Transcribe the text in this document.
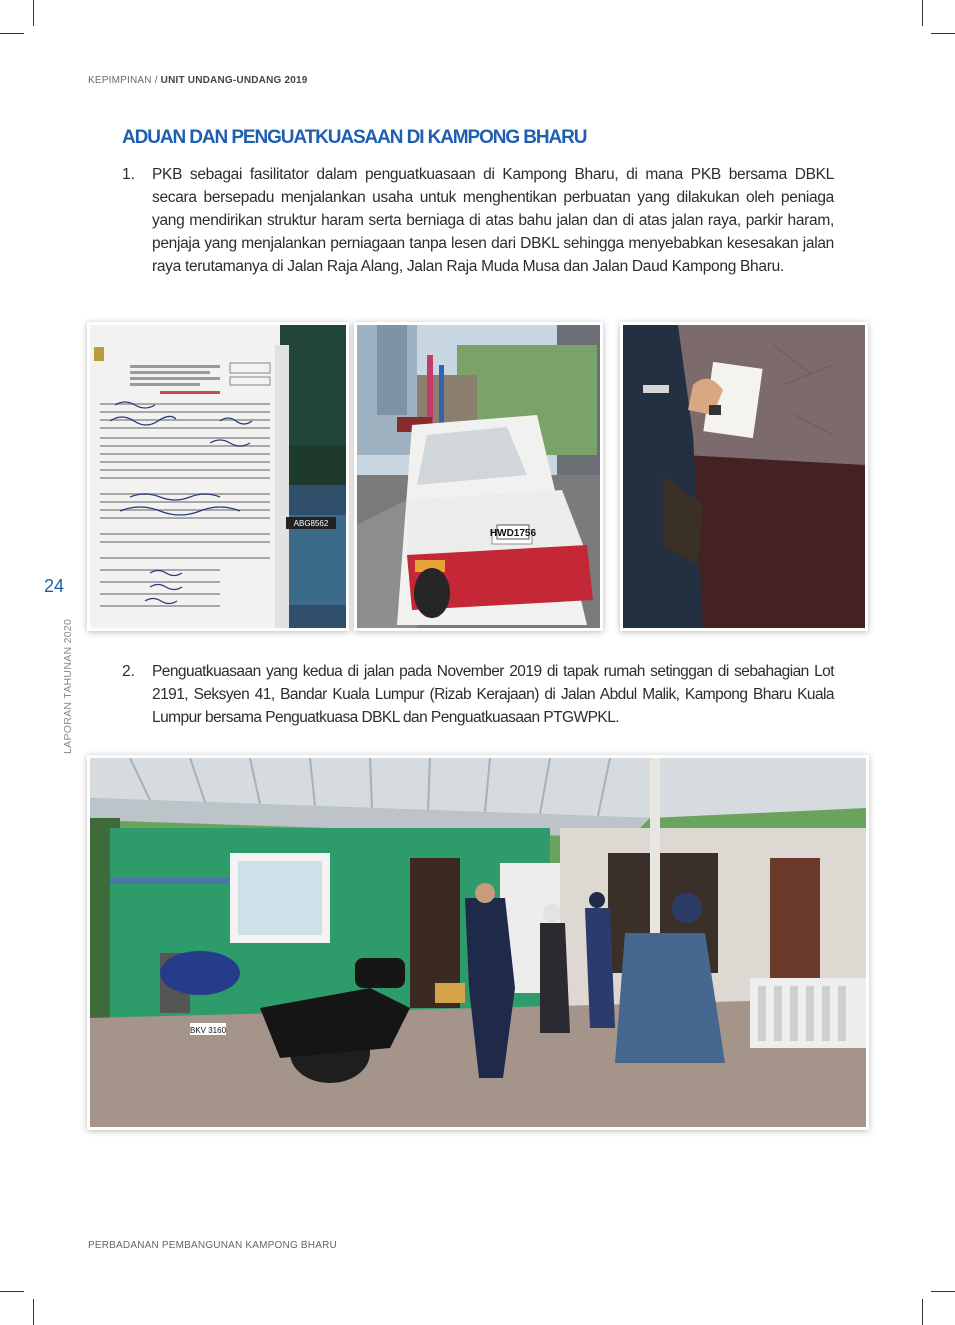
KEPIMPINAN / UNIT UNDANG-UNDANG 2019
ADUAN DAN PENGUATKUASAAN DI KAMPONG BHARU
1. PKB sebagai fasilitator dalam penguatkuasaan di Kampong Bharu, di mana PKB bersama DBKL secara bersepadu menjalankan usaha untuk menghentikan perbuatan yang dilakukan oleh peniaga yang mendirikan struktur haram serta berniaga di atas bahu jalan dan di atas jalan raya, parkir haram, penjaja yang menjalankan perniagaan tanpa lesen dari DBKL sehingga menyebabkan kesesakan jalan raya terutamanya di Jalan Raja Alang, Jalan Raja Muda Musa dan Jalan Daud Kampong Bharu.
ABG8562
HWD1756
24
LAPORAN TAHUNAN 2020	2. Penguatkuasaan yang kedua di jalan pada November 2019 di tapak rumah setinggan di sebahagian Lot 2191, Seksyen 41, Bandar Kuala Lumpur (Rizab Kerajaan) di Jalan Abdul Malik, Kampong Bharu Kuala Lumpur bersama Penguatkuasa DBKL dan Penguatkuasaan PTGWPKL.
BKV 3160
PERBADANAN PEMBANGUNAN KAMPONG BHARU
